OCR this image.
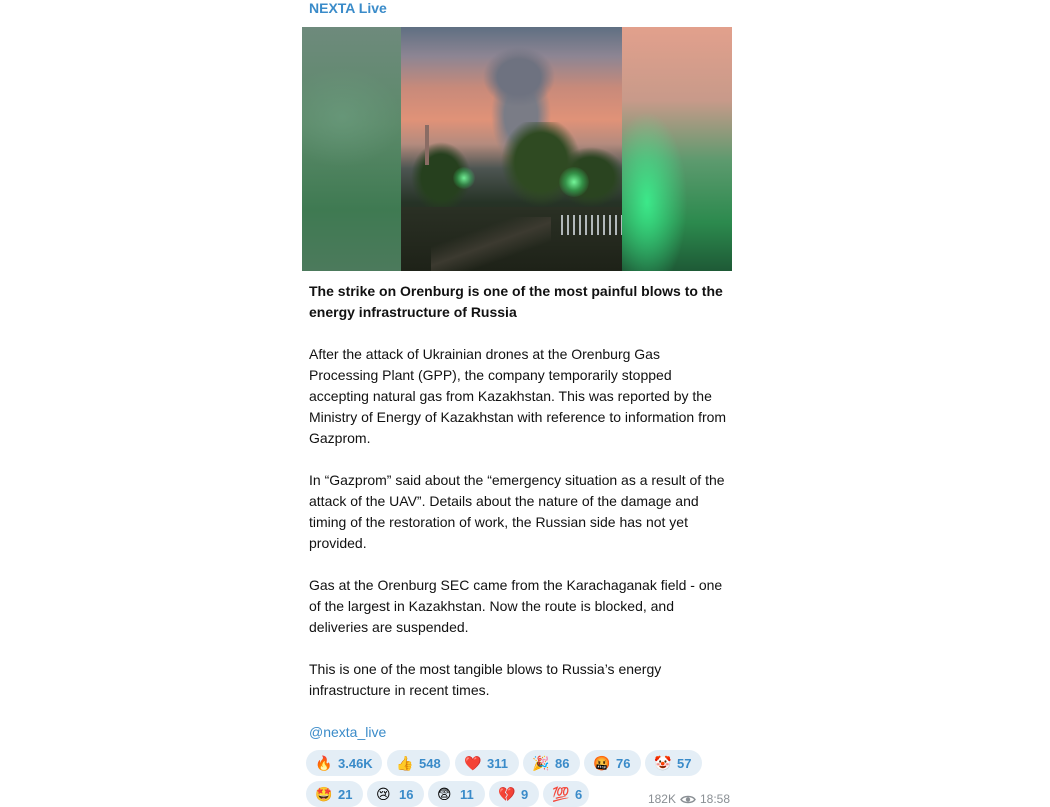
NEXTA Live
The strike on Orenburg is one of the most painful blows to the energy infrastructure of Russia
After the attack of Ukrainian drones at the Orenburg Gas Processing Plant (GPP), the company temporarily stopped accepting natural gas from Kazakhstan. This was reported by the Ministry of Energy of Kazakhstan with reference to information from Gazprom.
In “Gazprom” said about the “emergency situation as a result of the attack of the UAV”. Details about the nature of the damage and timing of the restoration of work, the Russian side has not yet provided.
Gas at the Orenburg SEC came from the Karachaganak field - one of the largest in Kazakhstan. Now the route is blocked, and deliveries are suspended.
This is one of the most tangible blows to Russia’s energy infrastructure in recent times.
@nexta_live
🔥 3.46K 👍 548 ❤️ 311 🎉 86 🤬 76 🤡 57
🤩 21 😢 16 😨 11 💔 9 💯 6	182K 18:58
